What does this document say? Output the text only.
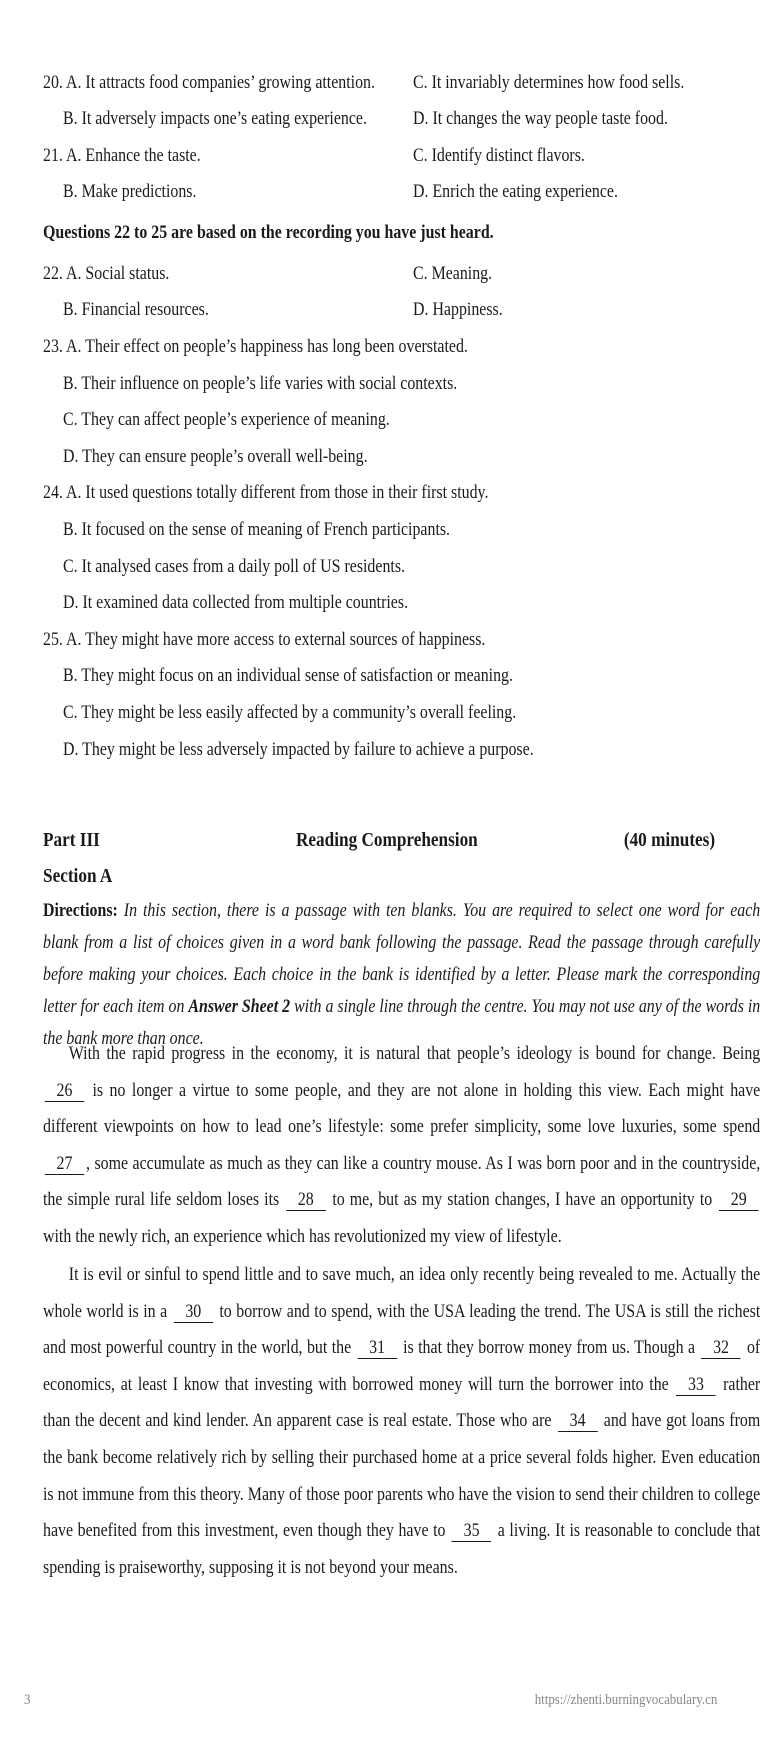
20. A. It attracts food companies’ growing attention.	C. It invariably determines how food sells.
B. It adversely impacts one’s eating experience.	D. It changes the way people taste food.
21. A. Enhance the taste.	C. Identify distinct flavors.
B. Make predictions.	D. Enrich the eating experience.
Questions 22 to 25 are based on the recording you have just heard.
22. A. Social status.	C. Meaning.
B. Financial resources.	D. Happiness.
23. A. Their effect on people’s happiness has long been overstated.
B. Their influence on people’s life varies with social contexts.
C. They can affect people’s experience of meaning.
D. They can ensure people’s overall well-being.
24. A. It used questions totally different from those in their first study.
B. It focused on the sense of meaning of French participants.
C. It analysed cases from a daily poll of US residents.
D. It examined data collected from multiple countries.
25. A. They might have more access to external sources of happiness.
B. They might focus on an individual sense of satisfaction or meaning.
C. They might be less easily affected by a community’s overall feeling.
D. They might be less adversely impacted by failure to achieve a purpose.
Part III	Reading Comprehension	(40 minutes)
Section A
Directions: In this section, there is a passage with ten blanks. You are required to select one word for each blank from a list of choices given in a word bank following the passage. Read the passage through carefully before making your choices. Each choice in the bank is identified by a letter. Please mark the corresponding letter for each item on Answer Sheet 2 with a single line through the centre. You may not use any of the words in the bank more than once.
With the rapid progress in the economy, it is natural that people’s ideology is bound for change. Being 26 is no longer a virtue to some people, and they are not alone in holding this view. Each might have different viewpoints on how to lead one’s lifestyle: some prefer simplicity, some love luxuries, some spend 27 , some accumulate as much as they can like a country mouse. As I was born poor and in the countryside, the simple rural life seldom loses its 28 to me, but as my station changes, I have an opportunity to 29 with the newly rich, an experience which has revolutionized my view of lifestyle.
It is evil or sinful to spend little and to save much, an idea only recently being revealed to me. Actually the whole world is in a 30 to borrow and to spend, with the USA leading the trend. The USA is still the richest and most powerful country in the world, but the 31 is that they borrow money from us. Though a 32 of economics, at least I know that investing with borrowed money will turn the borrower into the 33 rather than the decent and kind lender. An apparent case is real estate. Those who are 34 and have got loans from the bank become relatively rich by selling their purchased home at a price several folds higher. Even education is not immune from this theory. Many of those poor parents who have the vision to send their children to college have benefited from this investment, even though they have to 35 a living. It is reasonable to conclude that spending is praiseworthy, supposing it is not beyond your means.
3	https://zhenti.burningvocabulary.cn
